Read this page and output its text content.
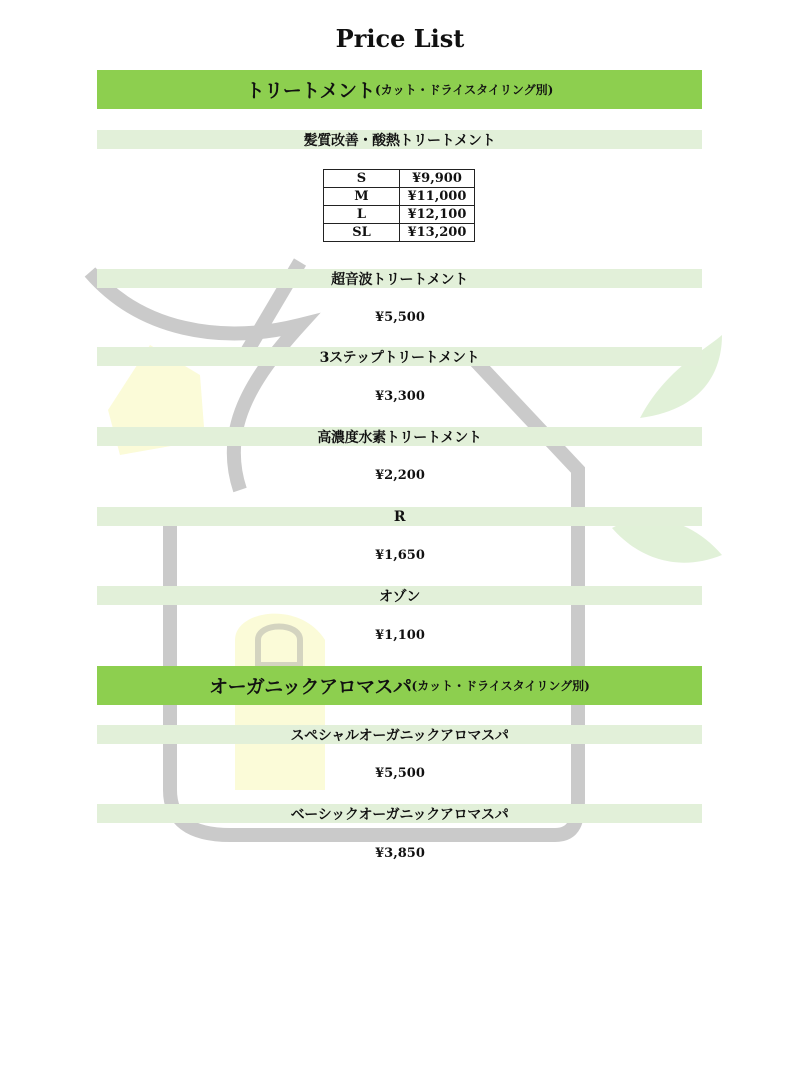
Price List
トリートメント (カット・ドライスタイリング別)
髪質改善・酸熱トリートメント
S	¥9,900
M	¥11,000
L	¥12,100
SL	¥13,200
超音波トリートメント
¥5,500
3ステップトリートメント
¥3,300
高濃度水素トリートメント
¥2,200
R
¥1,650
オゾン
¥1,100
オーガニックアロマスパ (カット・ドライスタイリング別)
スペシャルオーガニックアロマスパ
¥5,500
ベーシックオーガニックアロマスパ
¥3,850
